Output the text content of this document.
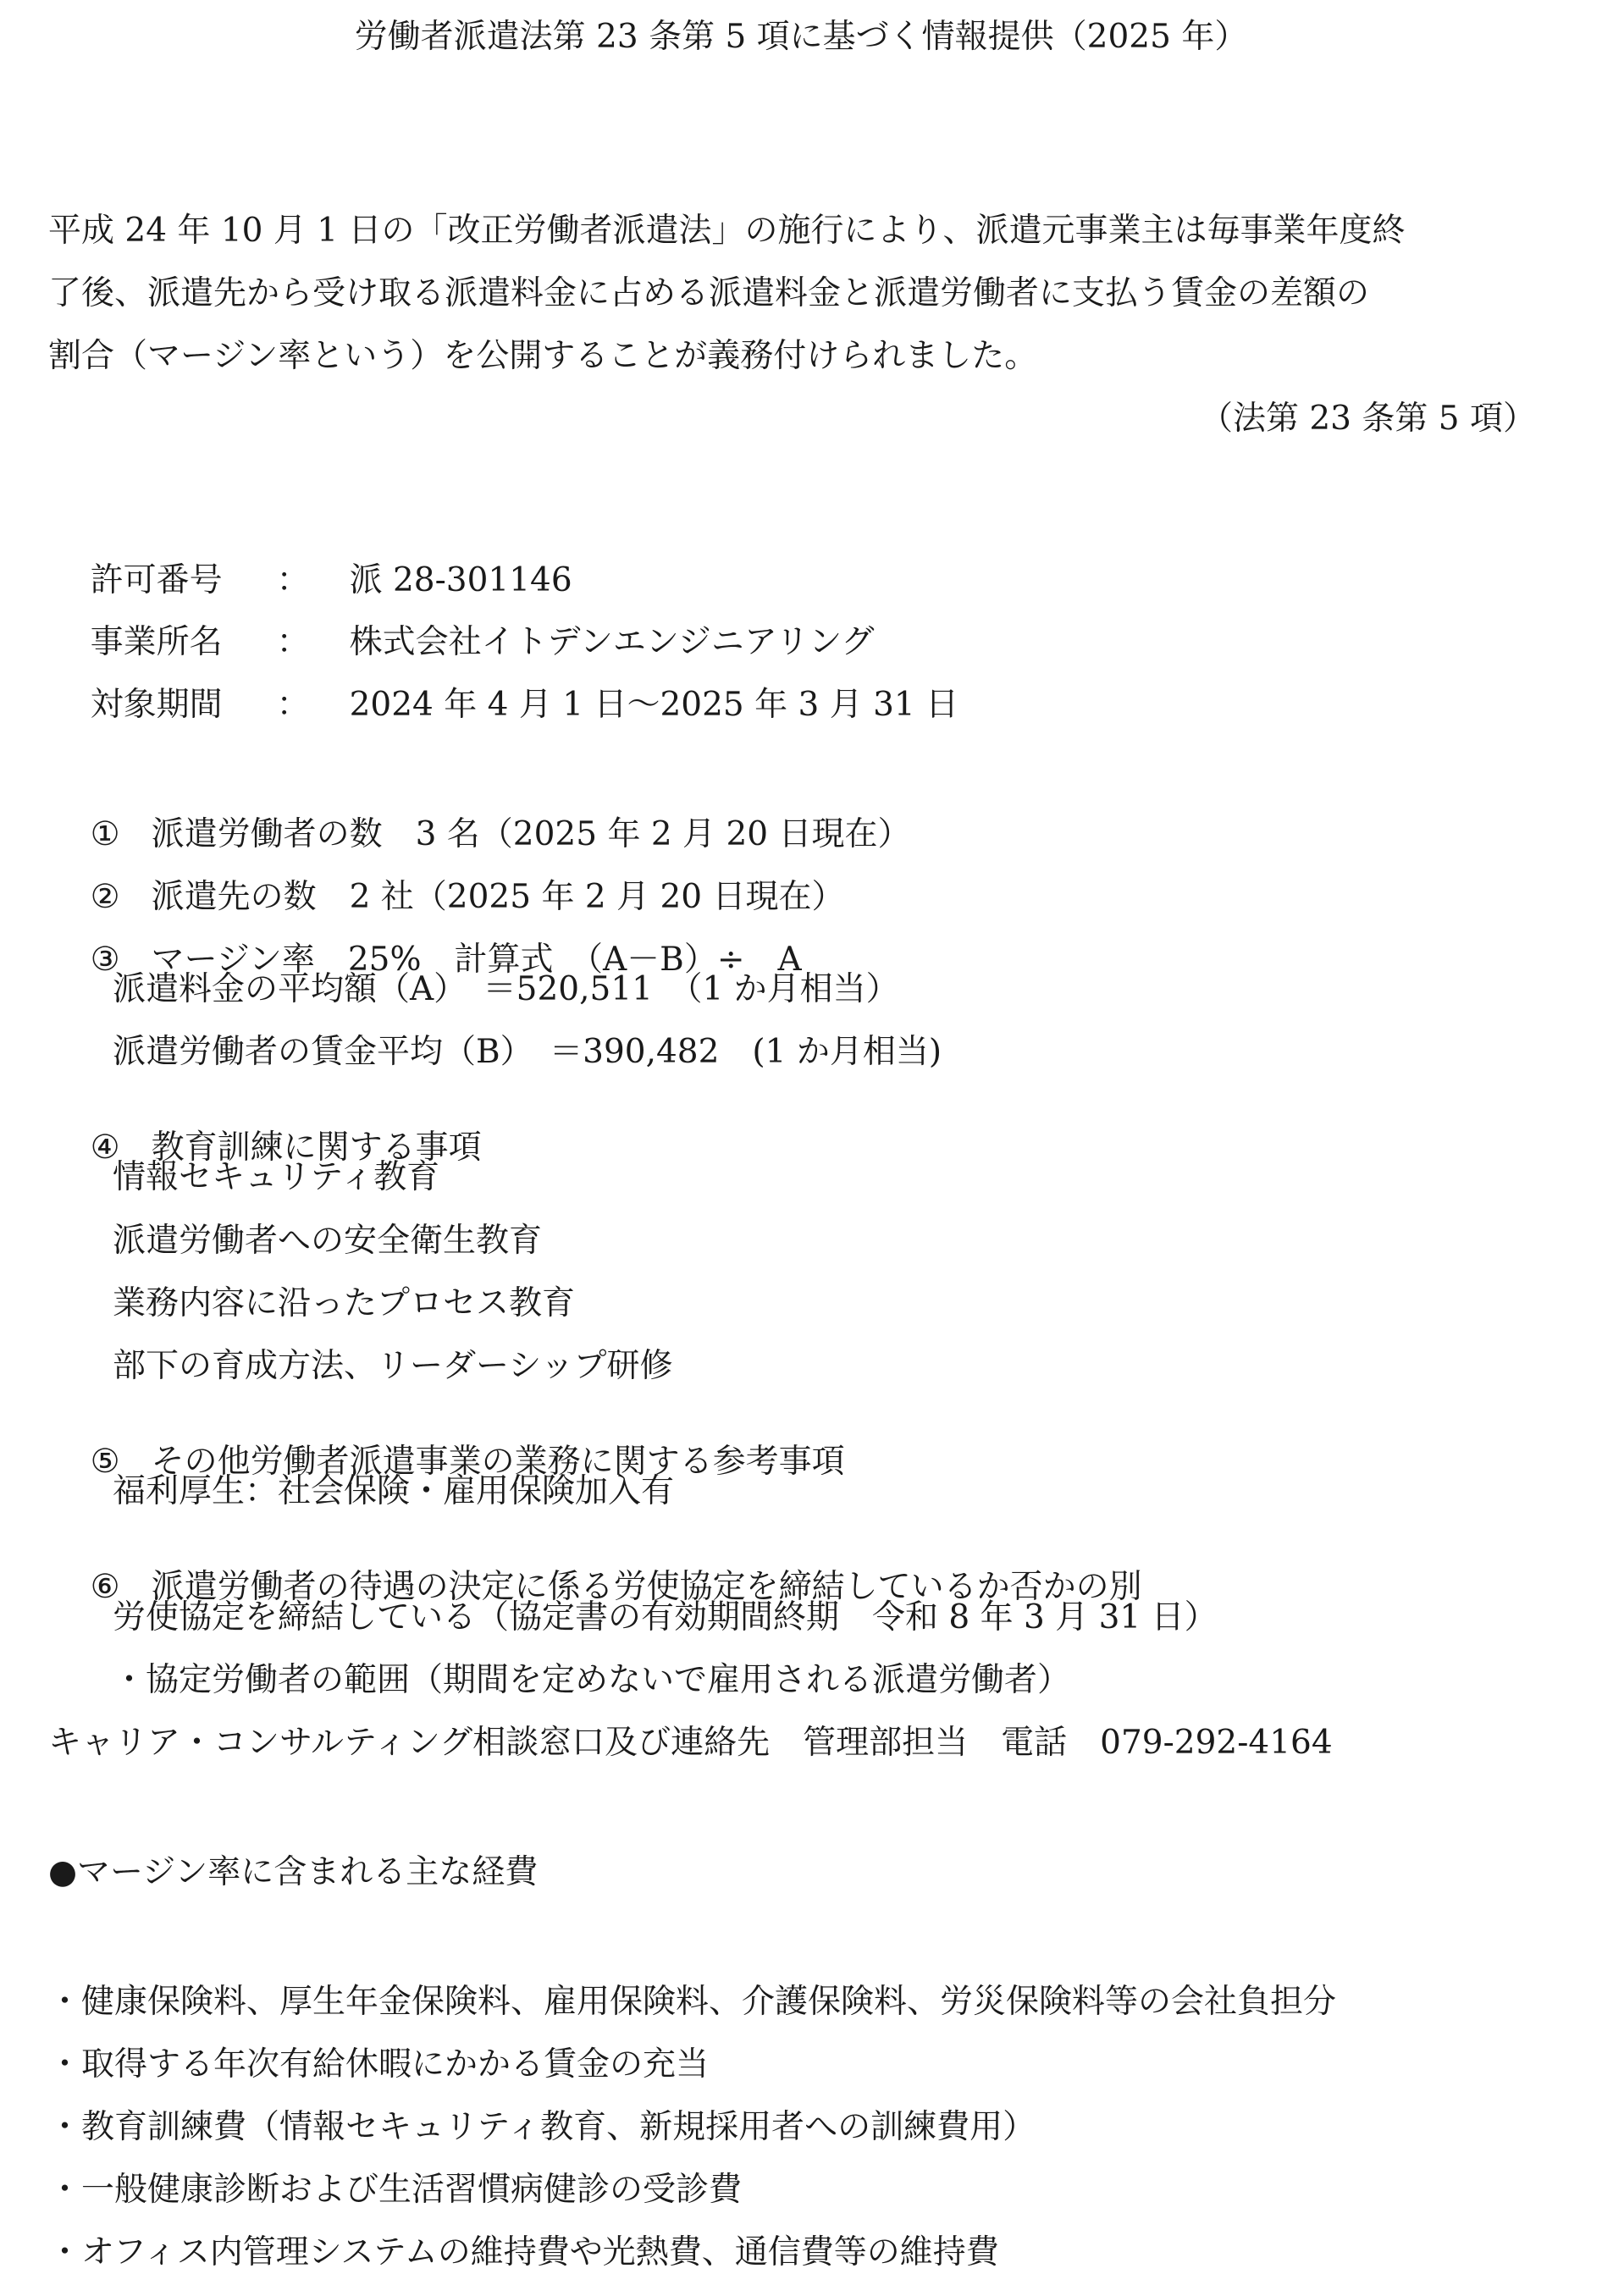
労働者派遣法第 23 条第 5 項に基づく情報提供（2025 年）
平成 24 年 10 月 1 日の「改正労働者派遣法」の施行により、派遣元事業主は毎事業年度終
了後、派遣先から受け取る派遣料金に占める派遣料金と派遣労働者に支払う賃金の差額の
割合（マージン率という）を公開することが義務付けられました。
（法第 23 条第 5 項）

許可番号 ： 派 28-301146

事業所名 ： 株式会社イトデンエンジニアリング

対象期間 ： 2024 年 4 月 1 日～2025 年 3 月 31 日

① 派遣労働者の数　3 名（2025 年 2 月 20 日現在）

② 派遣先の数　2 社（2025 年 2 月 20 日現在）

③ マージン率　25%　計算式　（A－B）÷　A

派遣料金の平均額（A）　＝520,511　（1 か月相当）
派遣労働者の賃金平均（B）　＝390,482　(1 か月相当)

④ 教育訓練に関する事項

情報セキュリティ教育
派遣労働者への安全衛生教育
業務内容に沿ったプロセス教育
部下の育成方法、リーダーシップ研修

⑤ その他労働者派遣事業の業務に関する参考事項

福利厚生：社会保険・雇用保険加入有

⑥ 派遣労働者の待遇の決定に係る労使協定を締結しているか否かの別

労使協定を締結している（協定書の有効期間終期　令和 8 年 3 月 31 日）
・協定労働者の範囲（期間を定めないで雇用される派遣労働者）
キャリア・コンサルティング相談窓口及び連絡先　管理部担当　電話　079-292-4164
●マージン率に含まれる主な経費
・健康保険料、厚生年金保険料、雇用保険料、介護保険料、労災保険料等の会社負担分
・取得する年次有給休暇にかかる賃金の充当
・教育訓練費（情報セキュリティ教育、新規採用者への訓練費用）
・一般健康診断および生活習慣病健診の受診費
・オフィス内管理システムの維持費や光熱費、通信費等の維持費
